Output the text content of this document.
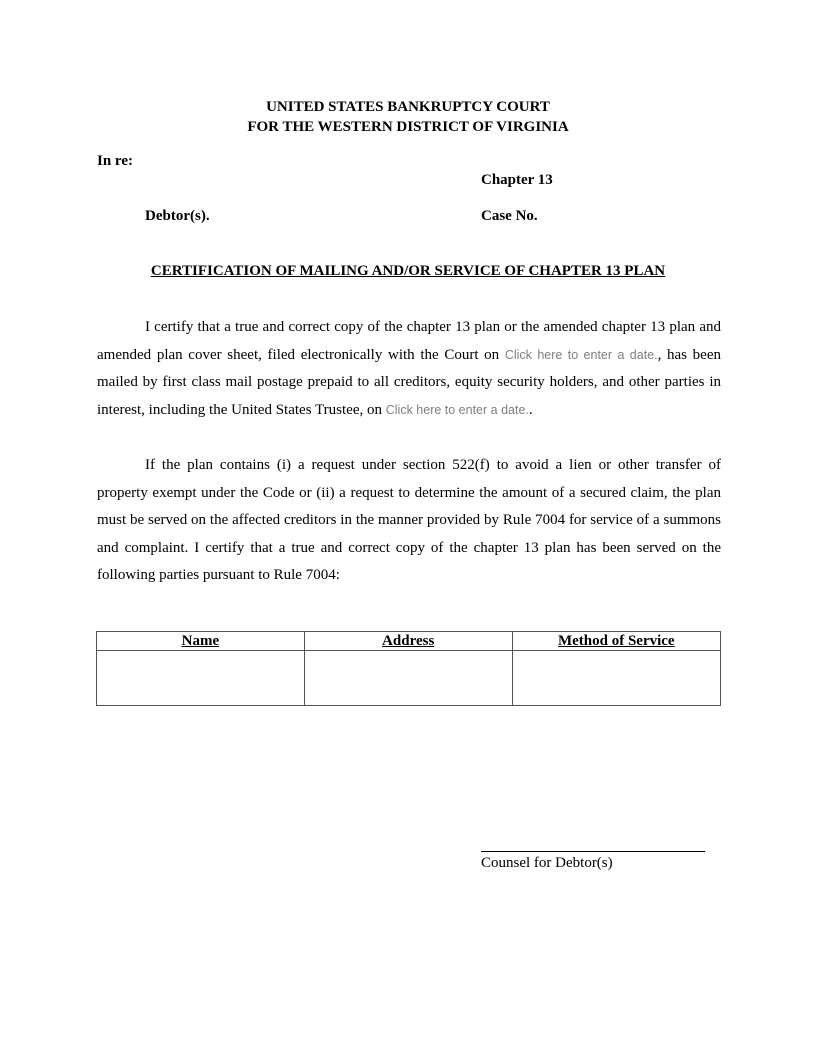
UNITED STATES BANKRUPTCY COURT
FOR THE WESTERN DISTRICT OF VIRGINIA
In re:
Chapter 13
Debtor(s).	Case No.
CERTIFICATION OF MAILING AND/OR SERVICE OF CHAPTER 13 PLAN
I certify that a true and correct copy of the chapter 13 plan or the amended chapter 13 plan and amended plan cover sheet, filed electronically with the Court on Click here to enter a date., has been mailed by first class mail postage prepaid to all creditors, equity security holders, and other parties in interest, including the United States Trustee, on Click here to enter a date..
If the plan contains (i) a request under section 522(f) to avoid a lien or other transfer of property exempt under the Code or (ii) a request to determine the amount of a secured claim, the plan must be served on the affected creditors in the manner provided by Rule 7004 for service of a summons and complaint. I certify that a true and correct copy of the chapter 13 plan has been served on the following parties pursuant to Rule 7004:
Name	Address	Method of Service

Counsel for Debtor(s)
